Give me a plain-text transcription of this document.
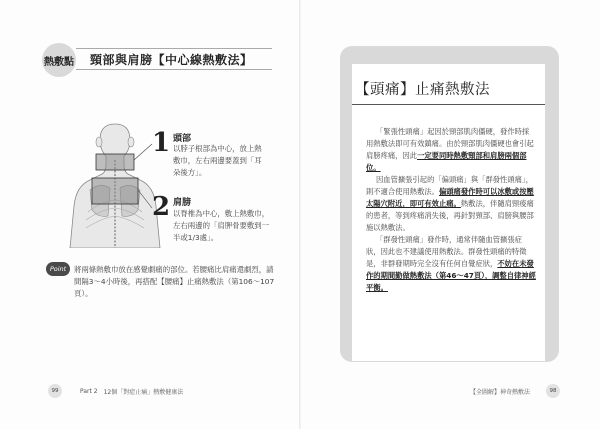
熱敷點	頸部與肩膀【中心線熱敷法】
1 頭部
以脖子根部為中心，放上熱敷巾，左右兩邊要蓋到「耳朵後方」。
2 肩膀
以脊椎為中心，敷上熱敷巾，左右兩邊的「肩胛骨要敷到一半或1/3處」。
Point	將兩條熱敷巾放在感覺劇痛的部位。若腰痛比肩痛還劇烈，請間隔3～4小時後，再搭配【腰痛】止痛熱敷法（第106～107頁）。
99	Part 2 12個「對症止痛」熱敷健康法
【頭痛】止痛熱敷法
「緊張性頭痛」起因於頸部肌肉僵硬，發作時採用熱敷法即可有效鎮痛。由於頸部肌肉僵硬也會引起肩膀疼痛，因此一定要同時熱敷頸部和肩膀兩個部位。
因血管擴張引起的「偏頭痛」與「群發性頭痛」，則不適合使用熱敷法。偏頭痛發作時可以冰敷或按壓太陽穴附近，即可有效止痛。熱敷法，伴隨肩頸痠痛的患者，等到疼痛消失後，再針對頸部、肩膀與腰部施以熱敷法。
「群發性頭痛」發作時，通常伴隨血管擴張症狀，因此也不建議使用熱敷法。群發性頭痛的特徵是，非群發期時完全沒有任何自覺症狀，不妨在未發作的期間勤做熱敷法（第46～47頁），調整自律神經平衡。
【全圖解】神奇熱敷法	98
